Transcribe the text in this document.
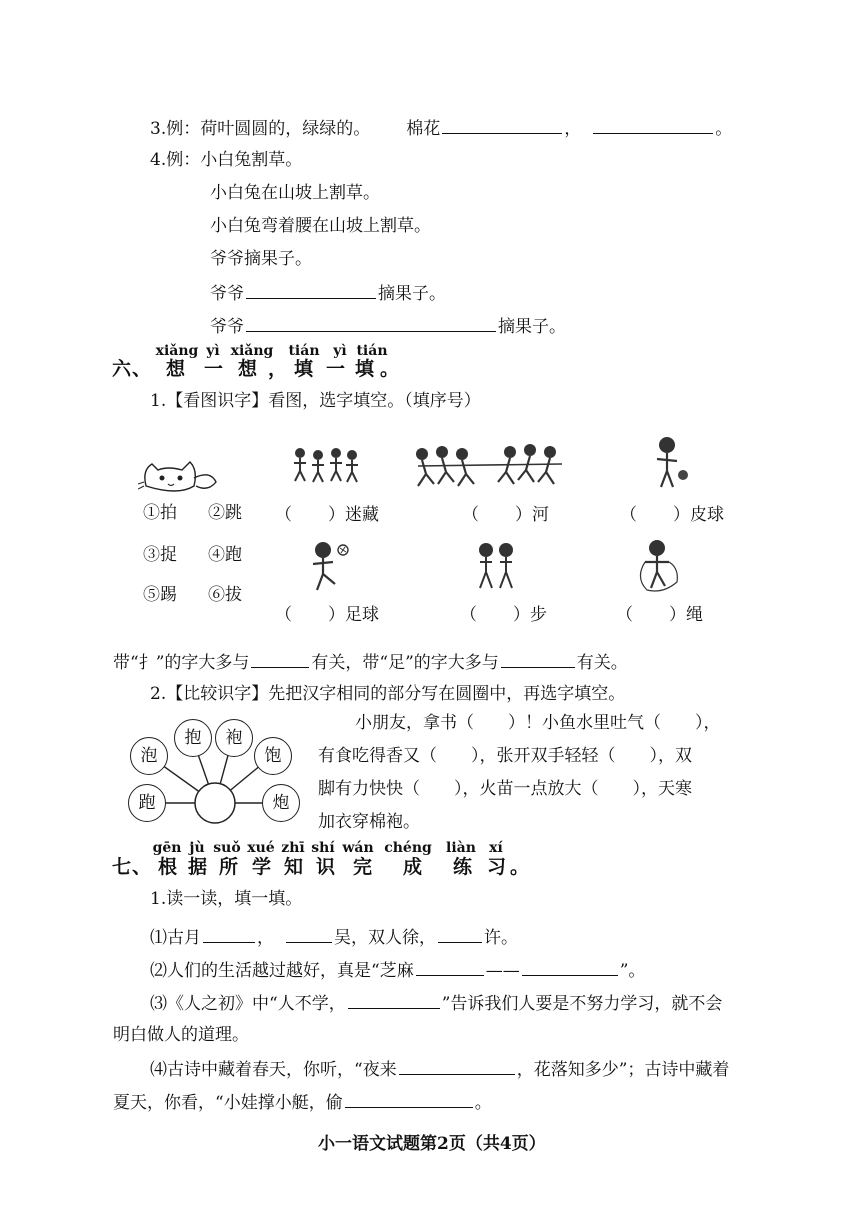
3.例：荷叶圆圆的，绿绿的。 棉花	，	。
4.例：小白兔割草。
小白兔在山坡上割草。
小白兔弯着腰在山坡上割草。
爷爷摘果子。
爷爷	摘果子。
爷爷	摘果子。
xiǎng yì xiǎng tián yì tián
六、 想 一 想 ， 填 一 填 。
1.【看图识字】看图，选字填空。（填序号）
①拍 ②跳
③捉 ④跑
⑤踢 ⑥拔
（ ）迷藏	（ ）河	（ ）皮球
（ ）足球	（ ）步	（ ）绳
带“扌”的字大多与	有关，带“足”的字大多与	有关。
2.【比较识字】先把汉字相同的部分写在圆圈中，再选字填空。
泡
抱	袍
饱
跑	炮
小朋友，拿书（　　）！小鱼水里吐气（　　），
有食吃得香又（　　），张开双手轻轻（　　），双
脚有力快快（　　），火苗一点放大（　　），天寒
加衣穿棉袍。
gēn jù suǒ xué zhī shí wán chéng liàn xí
七、 根 据 所 学 知 识 完 成 练 习 。
1.读一读，填一填。
⑴古月	，	吴，双人徐，	许。
⑵人们的生活越过越好，真是“芝麻	——	”。
⑶《人之初》中“人不学，	”告诉我们人要是不努力学习，就不会
明白做人的道理。
⑷古诗中藏着春天，你听，“夜来	，花落知多少”；古诗中藏着
夏天，你看，“小娃撑小艇，偷	。
小一语文试题第2页（共4页）
